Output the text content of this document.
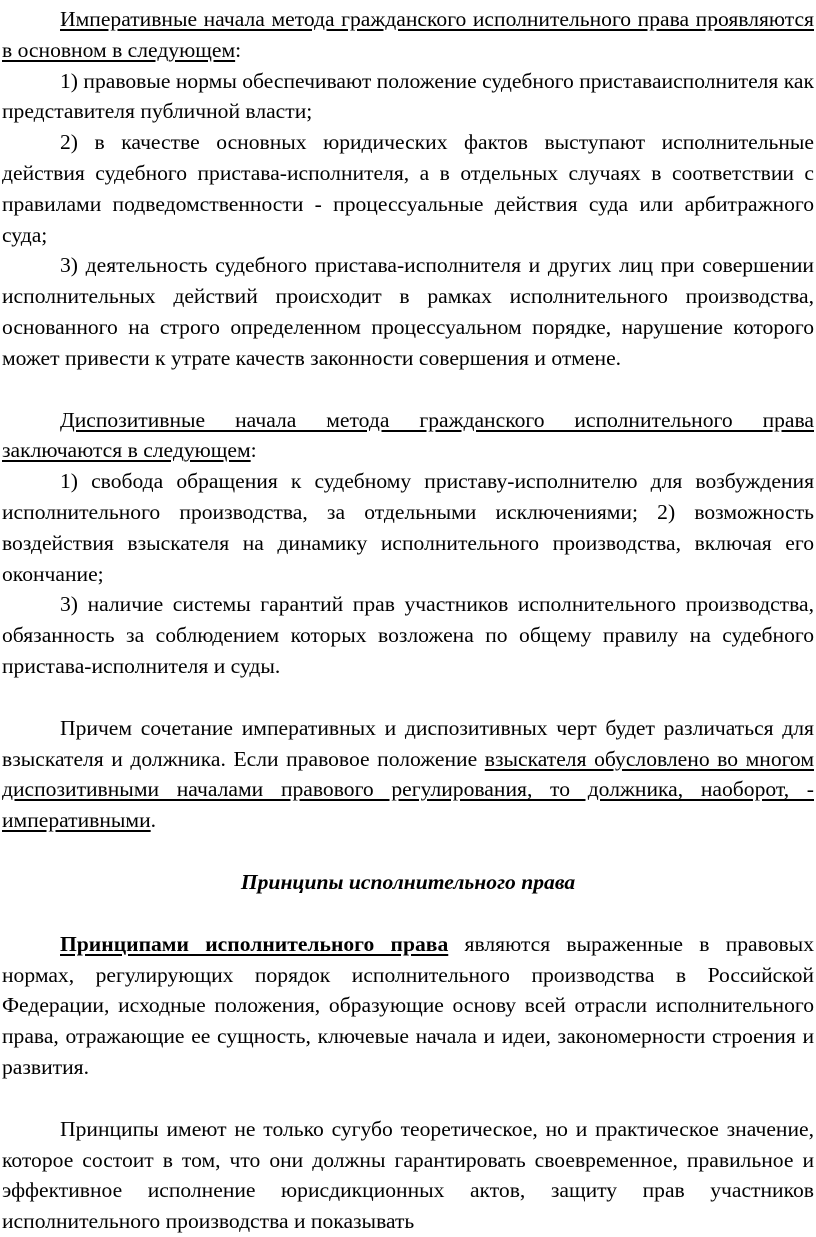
Императивные начала метода гражданского исполнительного права проявляются в основном в следующем:

1) правовые нормы обеспечивают положение судебного приставаисполнителя как представителя публичной власти;

2) в качестве основных юридических фактов выступают исполнительные действия судебного пристава-исполнителя, а в отдельных случаях в соответствии с правилами подведомственности - процессуальные действия суда или арбитражного суда;

3) деятельность судебного пристава-исполнителя и других лиц при совершении исполнительных действий происходит в рамках исполнительного производства, основанного на строго определенном процессуальном порядке, нарушение которого может привести к утрате качеств законности совершения и отмене.

Диспозитивные начала метода гражданского исполнительного права заключаются в следующем:

1) свобода обращения к судебному приставу-исполнителю для возбуждения исполнительного производства, за отдельными исключениями; 2) возможность воздействия взыскателя на динамику исполнительного производства, включая его окончание;

3) наличие системы гарантий прав участников исполнительного производства, обязанность за соблюдением которых возложена по общему правилу на судебного пристава-исполнителя и суды.

Причем сочетание императивных и диспозитивных черт будет различаться для взыскателя и должника. Если правовое положение взыскателя обусловлено во многом диспозитивными началами правового регулирования, то должника, наоборот, - императивными.

Принципы исполнительного права

Принципами исполнительного права являются выраженные в правовых нормах, регулирующих порядок исполнительного производства в Российской Федерации, исходные положения, образующие основу всей отрасли исполнительного права, отражающие ее сущность, ключевые начала и идеи, закономерности строения и развития.

Принципы имеют не только сугубо теоретическое, но и практическое значение, которое состоит в том, что они должны гарантировать своевременное, правильное и эффективное исполнение юрисдикционных актов, защиту прав участников исполнительного производства и показывать
